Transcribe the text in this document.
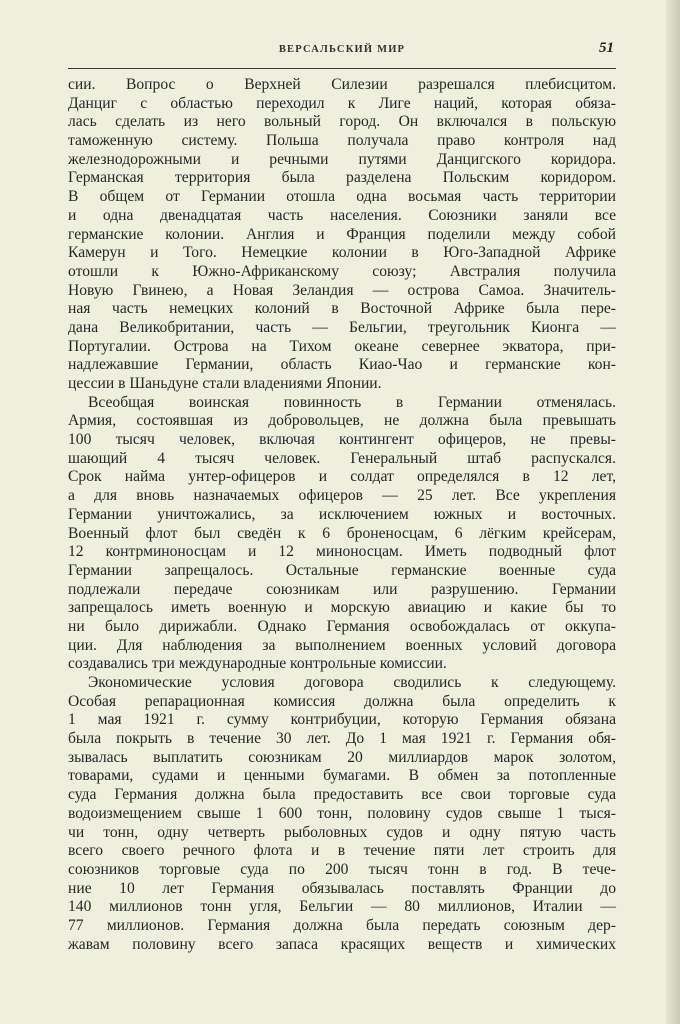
ВЕРСАЛЬСКИЙ МИР	51
сии. Вопрос о Верхней Силезии разрешался плебисцитом.
Данциг с областью переходил к Лиге наций, которая обяза-
лась сделать из него вольный город. Он включался в польскую
таможенную систему. Польша получала право контроля над
железнодорожными и речными путями Данцигского коридора.
Германская территория была разделена Польским коридором.
В общем от Германии отошла одна восьмая часть территории
и одна двенадцатая часть населения. Союзники заняли все
германские колонии. Англия и Франция поделили между собой
Камерун и Того. Немецкие колонии в Юго-Западной Африке
отошли к Южно-Африканскому союзу; Австралия получила
Новую Гвинею, а Новая Зеландия — острова Самоа. Значитель-
ная часть немецких колоний в Восточной Африке была пере-
дана Великобритании, часть — Бельгии, треугольник Кионга —
Португалии. Острова на Тихом океане севернее экватора, при-
надлежавшие Германии, область Киао-Чао и германские кон-
цессии в Шаньдуне стали владениями Японии.
Всеобщая воинская повинность в Германии отменялась.
Армия, состоявшая из добровольцев, не должна была превышать
100 тысяч человек, включая контингент офицеров, не превы-
шающий 4 тысяч человек. Генеральный штаб распускался.
Срок найма унтер-офицеров и солдат определялся в 12 лет,
а для вновь назначаемых офицеров — 25 лет. Все укрепления
Германии уничтожались, за исключением южных и восточных.
Военный флот был сведён к 6 броненосцам, 6 лёгким крейсерам,
12 контрминоносцам и 12 миноносцам. Иметь подводный флот
Германии запрещалось. Остальные германские военные суда
подлежали передаче союзникам или разрушению. Германии
запрещалось иметь военную и морскую авиацию и какие бы то
ни было дирижабли. Однако Германия освобождалась от оккупа-
ции. Для наблюдения за выполнением военных условий договора
создавались три международные контрольные комиссии.
Экономические условия договора сводились к следующему.
Особая репарационная комиссия должна была определить к
1 мая 1921 г. сумму контрибуции, которую Германия обязана
была покрыть в течение 30 лет. До 1 мая 1921 г. Германия обя-
зывалась выплатить союзникам 20 миллиардов марок золотом,
товарами, судами и ценными бумагами. В обмен за потопленные
суда Германия должна была предоставить все свои торговые суда
водоизмещением свыше 1 600 тонн, половину судов свыше 1 тыся-
чи тонн, одну четверть рыболовных судов и одну пятую часть
всего своего речного флота и в течение пяти лет строить для
союзников торговые суда по 200 тысяч тонн в год. В тече-
ние 10 лет Германия обязывалась поставлять Франции до
140 миллионов тонн угля, Бельгии — 80 миллионов, Италии —
77 миллионов. Германия должна была передать союзным дер-
жавам половину всего запаса красящих веществ и химических
